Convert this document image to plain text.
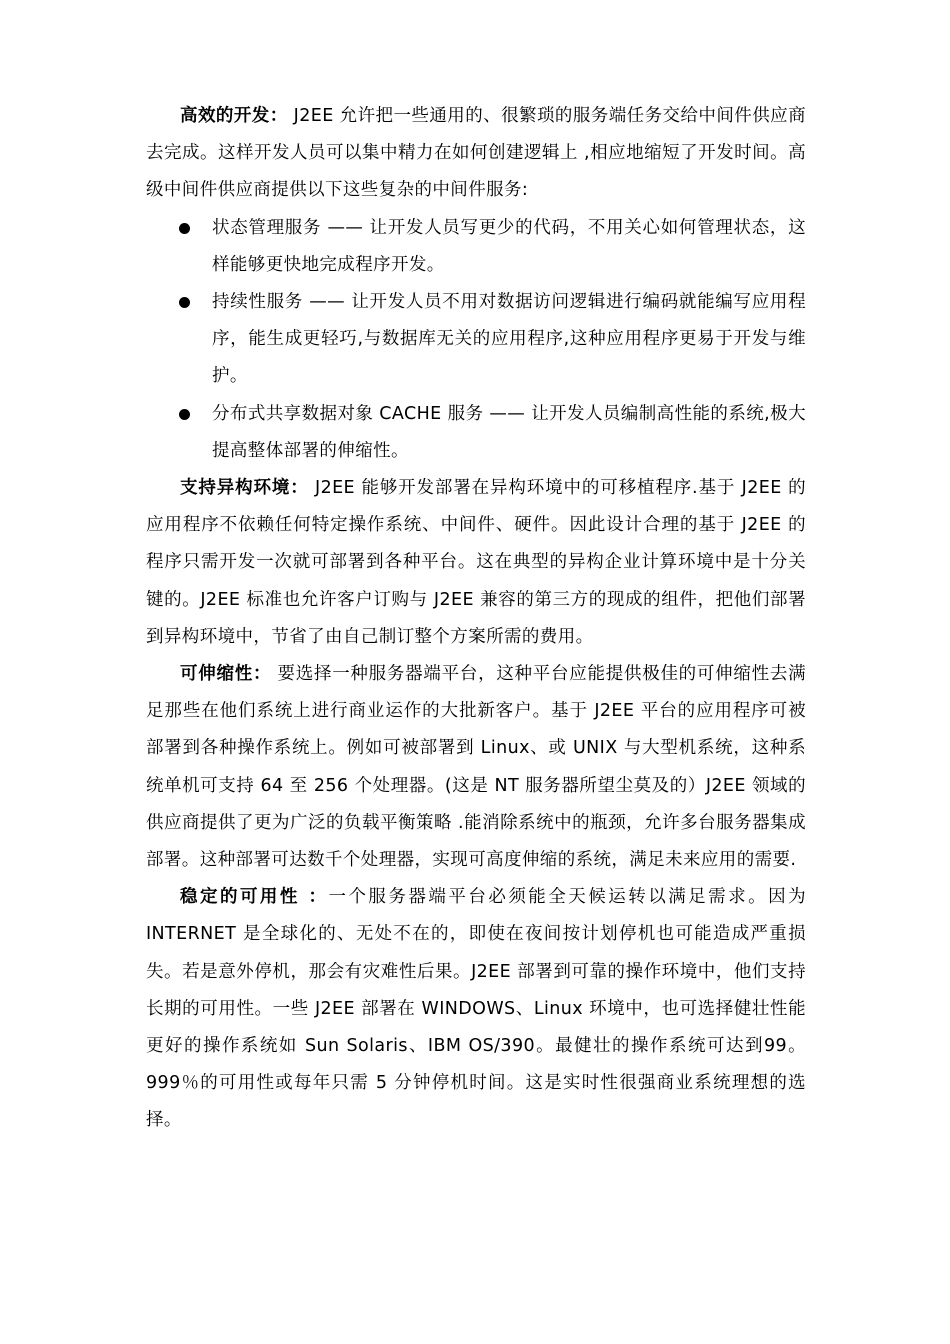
高效的开发： J2EE 允许把一些通用的、很繁琐的服务端任务交给中间件供应商去完成。这样开发人员可以集中精力在如何创建逻辑上 ,相应地缩短了开发时间。高级中间件供应商提供以下这些复杂的中间件服务:

状态管理服务 —— 让开发人员写更少的代码，不用关心如何管理状态，这样能够更快地完成程序开发。
持续性服务 —— 让开发人员不用对数据访问逻辑进行编码就能编写应用程序，能生成更轻巧,与数据库无关的应用程序,这种应用程序更易于开发与维护。
分布式共享数据对象 CACHE 服务 —— 让开发人员编制高性能的系统,极大提高整体部署的伸缩性。

支持异构环境： J2EE 能够开发部署在异构环境中的可移植程序.基于 J2EE 的应用程序不依赖任何特定操作系统、中间件、硬件。因此设计合理的基于 J2EE 的程序只需开发一次就可部署到各种平台。这在典型的异构企业计算环境中是十分关键的。J2EE 标准也允许客户订购与 J2EE 兼容的第三方的现成的组件，把他们部署到异构环境中，节省了由自己制订整个方案所需的费用。

可伸缩性： 要选择一种服务器端平台，这种平台应能提供极佳的可伸缩性去满足那些在他们系统上进行商业运作的大批新客户。基于 J2EE 平台的应用程序可被部署到各种操作系统上。例如可被部署到 Linux、或 UNIX 与大型机系统，这种系统单机可支持 64 至 256 个处理器。(这是 NT 服务器所望尘莫及的）J2EE 领域的供应商提供了更为广泛的负载平衡策略 .能消除系统中的瓶颈，允许多台服务器集成部署。这种部署可达数千个处理器，实现可高度伸缩的系统，满足未来应用的需要.

稳定的可用性 ：一个服务器端平台必须能全天候运转以满足需求。因为 INTERNET 是全球化的、无处不在的，即使在夜间按计划停机也可能造成严重损失。若是意外停机，那会有灾难性后果。J2EE 部署到可靠的操作环境中，他们支持长期的可用性。一些 J2EE 部署在 WINDOWS、Linux 环境中，也可选择健壮性能更好的操作系统如 Sun Solaris、IBM OS/390。最健壮的操作系统可达到99。999％的可用性或每年只需 5 分钟停机时间。这是实时性很强商业系统理想的选择。
